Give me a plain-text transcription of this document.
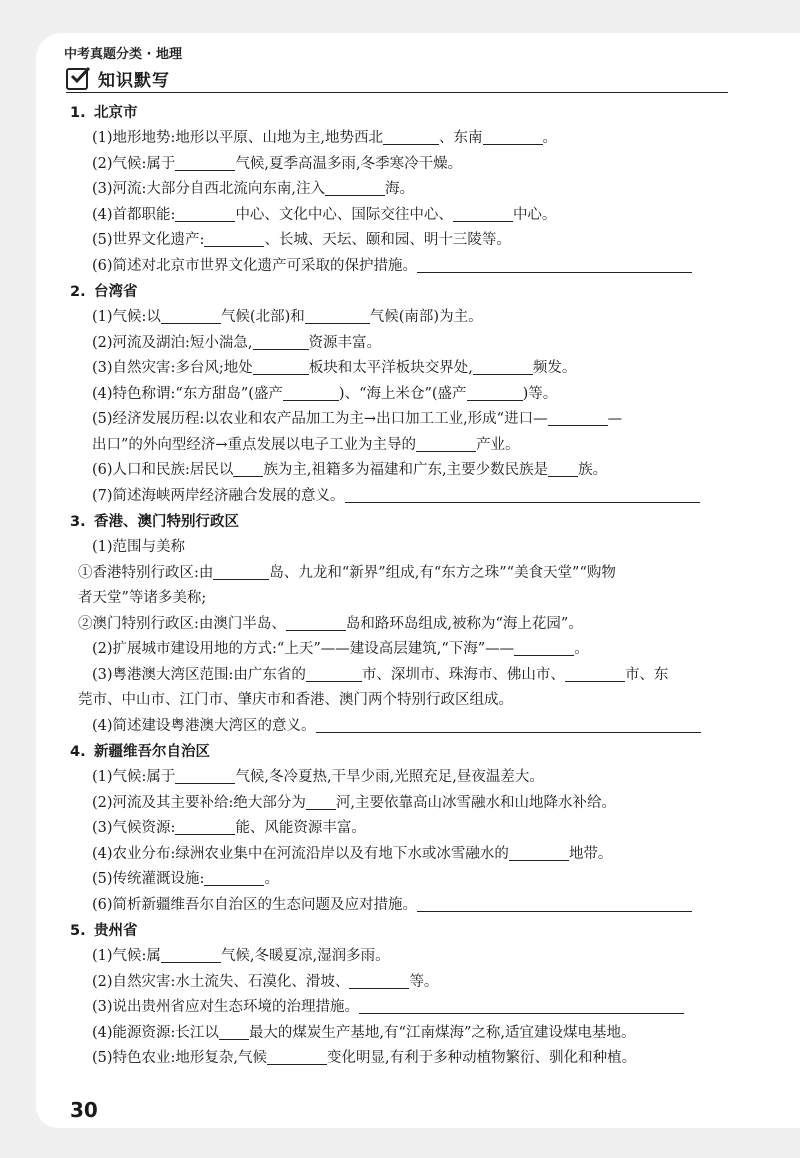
中考真题分类 · 地理
知识默写
1. 北京市
(1)地形地势:地形以平原、山地为主,地势西北	、东南	。
(2)气候:属于	气候,夏季高温多雨,冬季寒冷干燥。
(3)河流:大部分自西北流向东南,注入	海。
(4)首都职能:	中心、文化中心、国际交往中心、	中心。
(5)世界文化遗产:	、长城、天坛、颐和园、明十三陵等。
(6)简述对北京市世界文化遗产可采取的保护措施。
2. 台湾省
(1)气候:以	气候(北部)和	气候(南部)为主。
(2)河流及湖泊:短小湍急,	资源丰富。
(3)自然灾害:多台风;地处	板块和太平洋板块交界处,	频发。
(4)特色称谓:“东方甜岛”(盛产	)、“海上米仓”(盛产	)等。
(5)经济发展历程:以农业和农产品加工为主→出口加工工业,形成“进口—	—
出口”的外向型经济→重点发展以电子工业为主导的	产业。
(6)人口和民族:居民以 族为主,祖籍多为福建和广东,主要少数民族是 族。
(7)简述海峡两岸经济融合发展的意义。
3. 香港、澳门特别行政区
(1)范围与美称
①香港特别行政区:由	岛、九龙和“新界”组成,有“东方之珠”“美食天堂”“购物
者天堂”等诸多美称;
②澳门特别行政区:由澳门半岛、	岛和路环岛组成,被称为“海上花园”。
(2)扩展城市建设用地的方式:“上天”——建设高层建筑,“下海”——	。
(3)粤港澳大湾区范围:由广东省的	市、深圳市、珠海市、佛山市、	市、东
莞市、中山市、江门市、肇庆市和香港、澳门两个特别行政区组成。
(4)简述建设粤港澳大湾区的意义。
4. 新疆维吾尔自治区
(1)气候:属于	气候,冬冷夏热,干旱少雨,光照充足,昼夜温差大。
(2)河流及其主要补给:绝大部分为 河,主要依靠高山冰雪融水和山地降水补给。
(3)气候资源:	能、风能资源丰富。
(4)农业分布:绿洲农业集中在河流沿岸以及有地下水或冰雪融水的	地带。
(5)传统灌溉设施:	。
(6)简析新疆维吾尔自治区的生态问题及应对措施。
5. 贵州省
(1)气候:属	气候,冬暖夏凉,湿润多雨。
(2)自然灾害:水土流失、石漠化、滑坡、	等。
(3)说出贵州省应对生态环境的治理措施。
(4)能源资源:长江以 最大的煤炭生产基地,有“江南煤海”之称,适宜建设煤电基地。
(5)特色农业:地形复杂,气候	变化明显,有利于多种动植物繁衍、驯化和种植。
30
